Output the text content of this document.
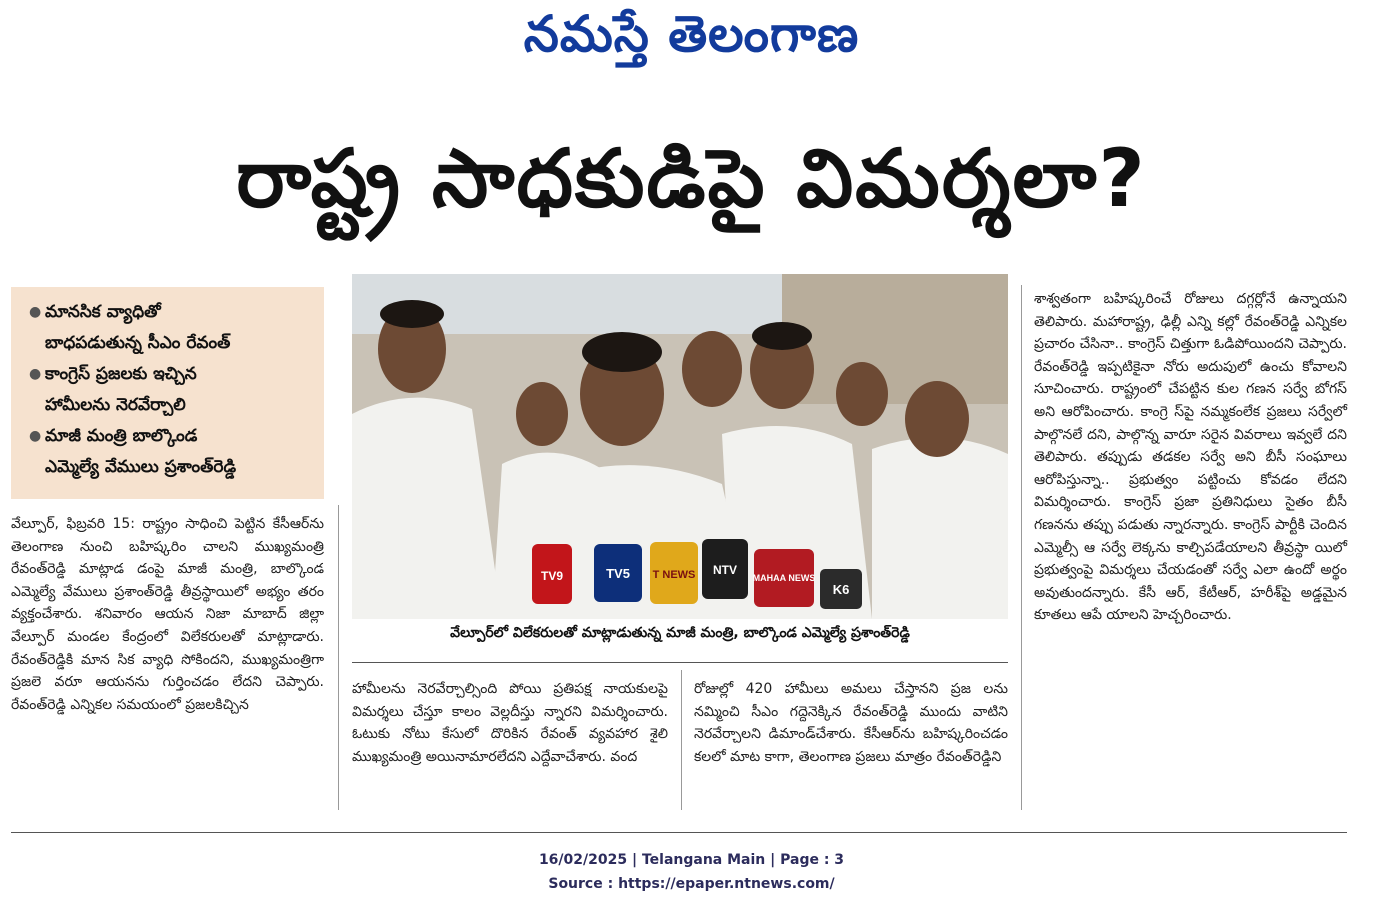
నమస్తే తెలంగాణ
రాష్ట్ర సాధకుడిపై విమర్శలా?
● మానసిక వ్యాధితో
బాధపడుతున్న సీఎం రేవంత్
● కాంగ్రెస్ ప్రజలకు ఇచ్చిన
హామీలను నెరవేర్చాలి
● మాజీ మంత్రి బాల్కొండ
ఎమ్మెల్యే వేములు ప్రశాంత్‌రెడ్డి
వేల్పూర్, ఫిబ్రవరి 15: రాష్ట్రం సాధించి పెట్టిన కేసీఆర్‌ను తెలంగాణ నుంచి బహిష్కరిం చాలని ముఖ్యమంత్రి రేవంత్‌రెడ్డి మాట్లాడ డంపై మాజీ మంత్రి, బాల్కొండ ఎమ్మెల్యే వేములు ప్రశాంత్‌రెడ్డి తీవ్రస్థాయిలో అభ్యం తరం వ్యక్తంచేశారు. శనివారం ఆయన నిజా మాబాద్ జిల్లా వేల్పూర్ మండల కేంద్రంలో విలేకరులతో మాట్లాడారు. రేవంత్‌రెడ్డికి మాన సిక వ్యాధి సోకిందని, ముఖ్యమంత్రిగా ప్రజలె వరూ ఆయనను గుర్తించడం లేదని చెప్పారు. రేవంత్‌రెడ్డి ఎన్నికల సమయంలో ప్రజలకిచ్చిన
TV9	TV5 T NEWS NTV
MAHAA NEWS
K6
వేల్పూర్‌లో విలేకరులతో మాట్లాడుతున్న మాజీ మంత్రి, బాల్కొండ ఎమ్మెల్యే ప్రశాంత్‌రెడ్డి
హామీలను నెరవేర్చాల్సింది పోయి ప్రతిపక్ష నాయకులపై విమర్శలు చేస్తూ కాలం వెల్లదీస్తు న్నారని విమర్శించారు. ఓటుకు నోటు కేసులో దొరికిన రేవంత్ వ్యవహార శైలి ముఖ్యమంత్రి అయినామారలేదని ఎద్దేవాచేశారు. వంద
రోజుల్లో 420 హామీలు అమలు చేస్తానని ప్రజ లను నమ్మించి సీఎం గద్దెనెక్కిన రేవంత్‌రెడ్డి ముందు వాటిని నెరవేర్చాలని డిమాండ్‌చేశారు. కేసీఆర్‌ను బహిష్కరించడం కలలో మాట కాగా, తెలంగాణ ప్రజలు మాత్రం రేవంత్‌రెడ్డిని
శాశ్వతంగా బహిష్కరించే రోజులు దగ్గర్లోనే ఉన్నాయని తెలిపారు. మహారాష్ట్ర, ఢిల్లీ ఎన్ని కల్లో రేవంత్‌రెడ్డి ఎన్నికల ప్రచారం చేసినా.. కాంగ్రెస్ చిత్తుగా ఓడిపోయిందని చెప్పారు. రేవంత్‌రెడ్డి ఇప్పటికైనా నోరు అదుపులో ఉంచు కోవాలని సూచించారు. రాష్ట్రంలో చేపట్టిన కుల గణన సర్వే బోగస్ అని ఆరోపించారు. కాంగ్రె స్‌పై నమ్మకంలేక ప్రజలు సర్వేలో పాల్గొనలే దని, పాల్గొన్న వారూ సరైన వివరాలు ఇవ్వలే దని తెలిపారు. తప్పుడు తడకల సర్వే అని బీసీ సంఘాలు ఆరోపిస్తున్నా.. ప్రభుత్వం పట్టించు కోవడం లేదని విమర్శించారు. కాంగ్రెస్ ప్రజా ప్రతినిధులు సైతం బీసీ గణనను తప్పు పడుతు న్నారన్నారు. కాంగ్రెస్ పార్టీకి చెందిన ఎమ్మెల్సీ ఆ సర్వే లెక్కను కాల్చిపడేయాలని తీవ్రస్థా యిలో ప్రభుత్వంపై విమర్శలు చేయడంతో సర్వే ఎలా ఉందో అర్థం అవుతుందన్నారు. కేసీ ఆర్, కేటీఆర్, హరీశ్‌పై అడ్డమైన కూతలు ఆపే యాలని హెచ్చరించారు.
16/02/2025 | Telangana Main | Page : 3
Source : https://epaper.ntnews.com/
